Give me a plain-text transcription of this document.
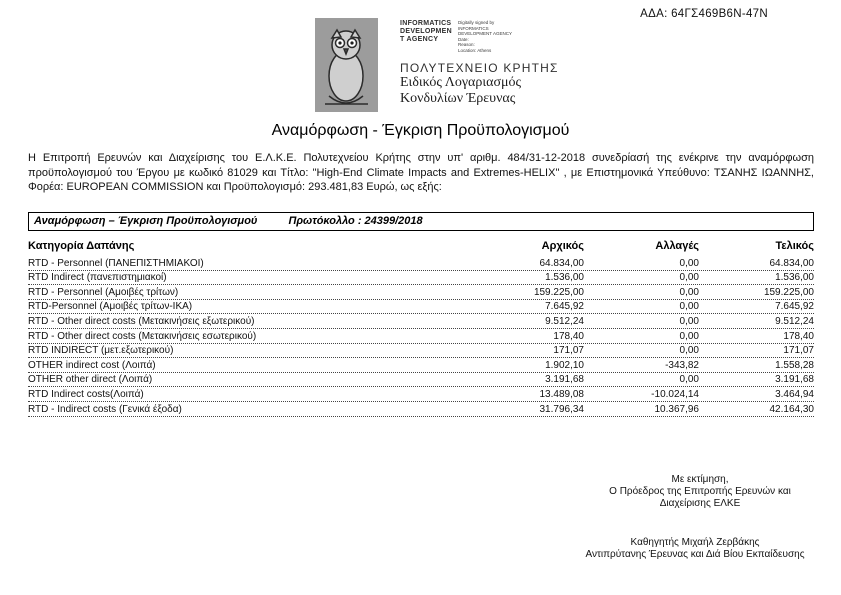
ΑΔΑ: 64ΓΣ469Β6Ν-47Ν
INFORMATICS
DEVELOPMEN
T AGENCY
Digitally signed by
INFORMATICS
DEVELOPMENT AGENCY
Date:
Reason:
Location: Athens
ΠΟΛΥΤΕΧΝΕΙΟ ΚΡΗΤΗΣ
Ειδικός Λογαριασμός
Κονδυλίων Έρευνας
Αναμόρφωση - Έγκριση Προϋπολογισμού

Η Επιτροπή Ερευνών και Διαχείρισης του Ε.Λ.Κ.Ε. Πολυτεχνείου Κρήτης στην υπ' αριθμ. 484/31-12-2018 συνεδρίασή της ενέκρινε την αναμόρφωση προϋπολογισμού του Έργου με κωδικό 81029 και Τίτλο: "High-End Climate Impacts and Extremes-HELIX" , με Επιστημονικά Υπεύθυνο: ΤΣΑΝΗΣ ΙΩΑΝΝΗΣ, Φορέα: EUROPEAN COMMISSION και Προϋπολογισμό: 293.481,83 Ευρώ, ως εξής:

Αναμόρφωση – Έγκριση Προϋπολογισμού	Πρωτόκολλο : 24399/2018
Κατηγορία Δαπάνης	Αρχικός	Αλλαγές	Τελικός
RTD - Personnel (ΠΑΝΕΠΙΣΤΗΜΙΑΚΟΙ)	64.834,00	0,00	64.834,00
RTD Indirect (πανεπιστημιακοί)	1.536,00	0,00	1.536,00
RTD - Personnel (Αμοιβές τρίτων)	159.225,00	0,00	159.225,00
RTD-Personnel (Αμοιβές τρίτων-ΙΚΑ)	7.645,92	0,00	7.645,92
RTD - Other direct costs (Μετακινήσεις εξωτερικού)	9.512,24	0,00	9.512,24
RTD - Other direct costs (Μετακινήσεις εσωτερικού)	178,40	0,00	178,40
RTD INDIRECT (μετ.εξωτερικού)	171,07	0,00	171,07
OTHER indirect cost (Λοιπά)	1.902,10	-343,82	1.558,28
OTHER other direct (Λοιπά)	3.191,68	0,00	3.191,68
RTD Indirect costs(Λοιπά)	13.489,08	-10.024,14	3.464,94
RTD - Indirect costs (Γενικά έξοδα)	31.796,34	10.367,96	42.164,30
Με εκτίμηση,
Ο Πρόεδρος της Επιτροπής Ερευνών και
Διαχείρισης ΕΛΚΕ
Καθηγητής Μιχαήλ Ζερβάκης
Αντιπρύτανης Έρευνας και Διά Βίου Εκπαίδευσης
